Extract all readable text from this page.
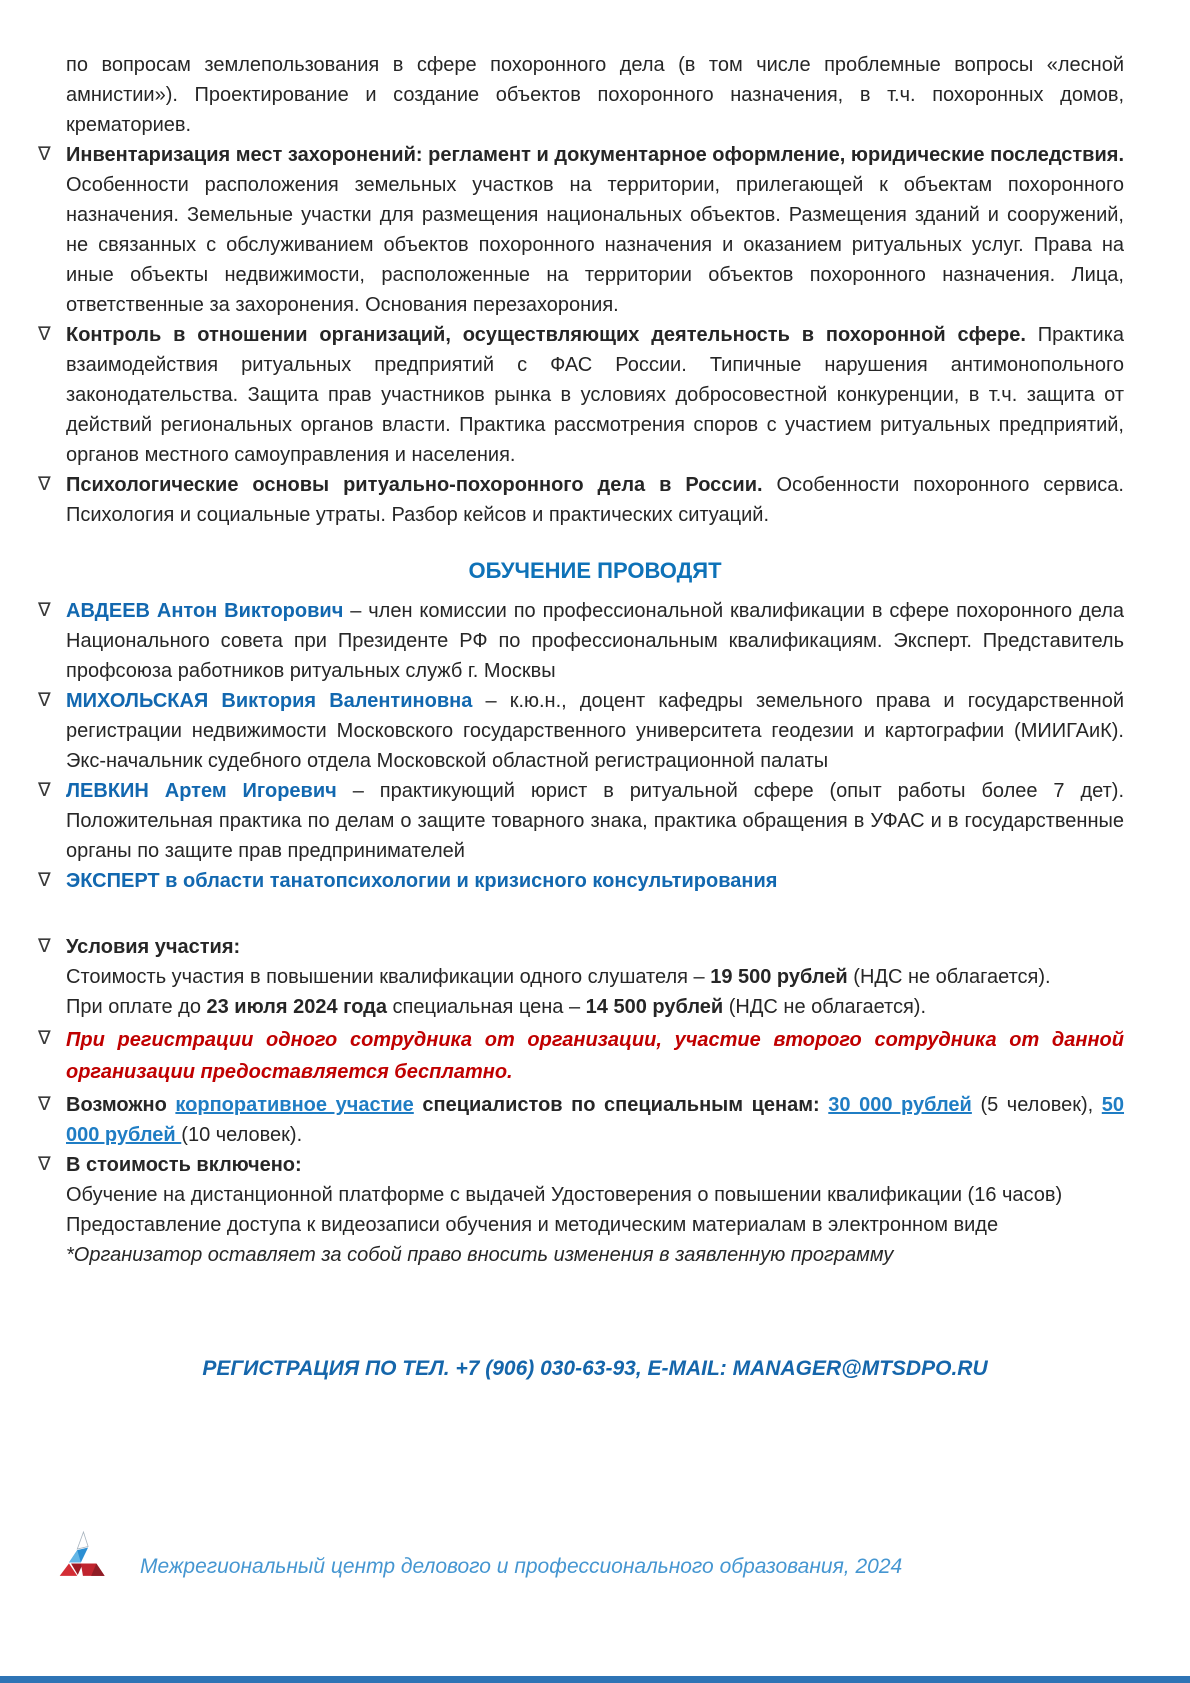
по вопросам землепользования в сфере похоронного дела (в том числе проблемные вопросы «лесной амнистии»). Проектирование и создание объектов похоронного назначения, в т.ч. похоронных домов, крематориев.

∇ Инвентаризация мест захоронений: регламент и документарное оформление, юридические последствия. Особенности расположения земельных участков на территории, прилегающей к объектам похоронного назначения. Земельные участки для размещения национальных объектов. Размещения зданий и сооружений, не связанных с обслуживанием объектов похоронного назначения и оказанием ритуальных услуг. Права на иные объекты недвижимости, расположенные на территории объектов похоронного назначения. Лица, ответственные за захоронения. Основания перезахорония.

∇ Контроль в отношении организаций, осуществляющих деятельность в похоронной сфере. Практика взаимодействия ритуальных предприятий с ФАС России. Типичные нарушения антимонопольного законодательства. Защита прав участников рынка в условиях добросовестной конкуренции, в т.ч. защита от действий региональных органов власти. Практика рассмотрения споров с участием ритуальных предприятий, органов местного самоуправления и населения.

∇ Психологические основы ритуально-похоронного дела в России. Особенности похоронного сервиса. Психология и социальные утраты. Разбор кейсов и практических ситуаций.

ОБУЧЕНИЕ ПРОВОДЯТ
∇ АВДЕЕВ Антон Викторович – член комиссии по профессиональной квалификации в сфере похоронного дела Национального совета при Президенте РФ по профессиональным квалификациям. Эксперт. Представитель профсоюза работников ритуальных служб г. Москвы

∇ МИХОЛЬСКАЯ Виктория Валентиновна – к.ю.н., доцент кафедры земельного права и государственной регистрации недвижимости Московского государственного университета геодезии и картографии (МИИГАиК). Экс-начальник судебного отдела Московской областной регистрационной палаты

∇ ЛЕВКИН Артем Игоревич – практикующий юрист в ритуальной сфере (опыт работы более 7 дет). Положительная практика по делам о защите товарного знака, практика обращения в УФАС и в государственные органы по защите прав предпринимателей

∇ ЭКСПЕРТ в области танатопсихологии и кризисного консультирования

∇ Условия участия:

Стоимость участия в повышении квалификации одного слушателя – 19 500 рублей (НДС не облагается).

При оплате до 23 июля 2024 года специальная цена – 14 500 рублей (НДС не облагается).

∇ При регистрации одного сотрудника от организации, участие второго сотрудника от данной организации предоставляется бесплатно.

∇ Возможно корпоративное участие специалистов по специальным ценам: 30 000 рублей (5 человек), 50 000 рублей (10 человек).

∇ В стоимость включено:

Обучение на дистанционной платформе с выдачей Удостоверения о повышении квалификации (16 часов)

Предоставление доступа к видеозаписи обучения и методическим материалам в электронном виде

*Организатор оставляет за собой право вносить изменения в заявленную программу

РЕГИСТРАЦИЯ ПО ТЕЛ. +7 (906) 030-63-93, E-MAIL: MANAGER@MTSDPO.RU
Межрегиональный центр делового и профессионального образования, 2024
